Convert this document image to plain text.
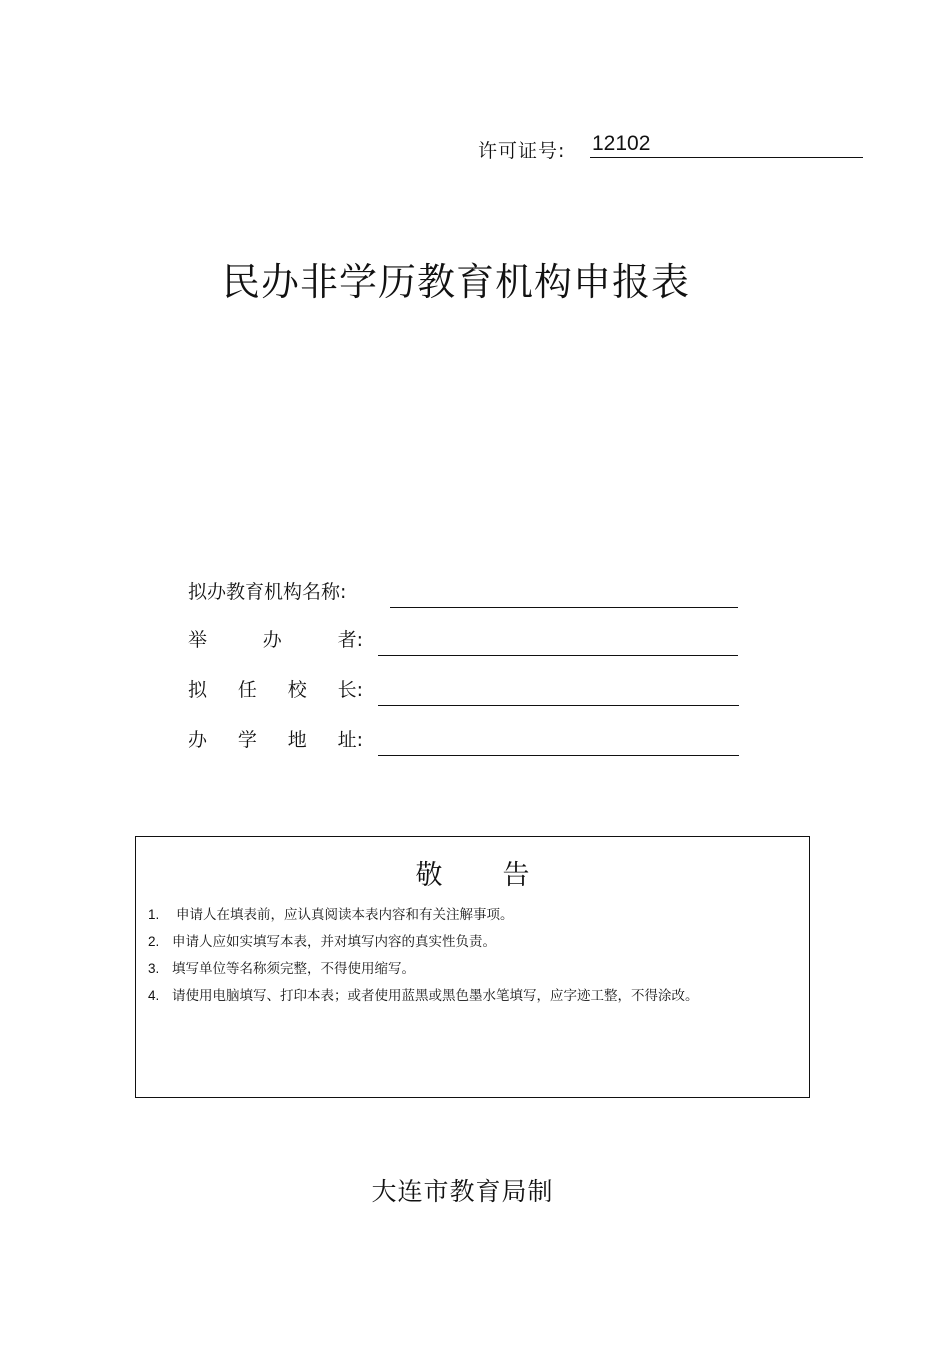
许可证号: 12102
民办非学历教育机构申报表
拟办教育机构名称:
举	办	者:
拟 任 校 长:
办 学 地 址:
敬告
1.	申请人在填表前，应认真阅读本表内容和有关注解事项。
2. 申请人应如实填写本表，并对填写内容的真实性负责。
3. 填写单位等名称须完整，不得使用缩写。
4. 请使用电脑填写、打印本表；或者使用蓝黑或黑色墨水笔填写，应字迹工整，不得涂改。
大连市教育局制
